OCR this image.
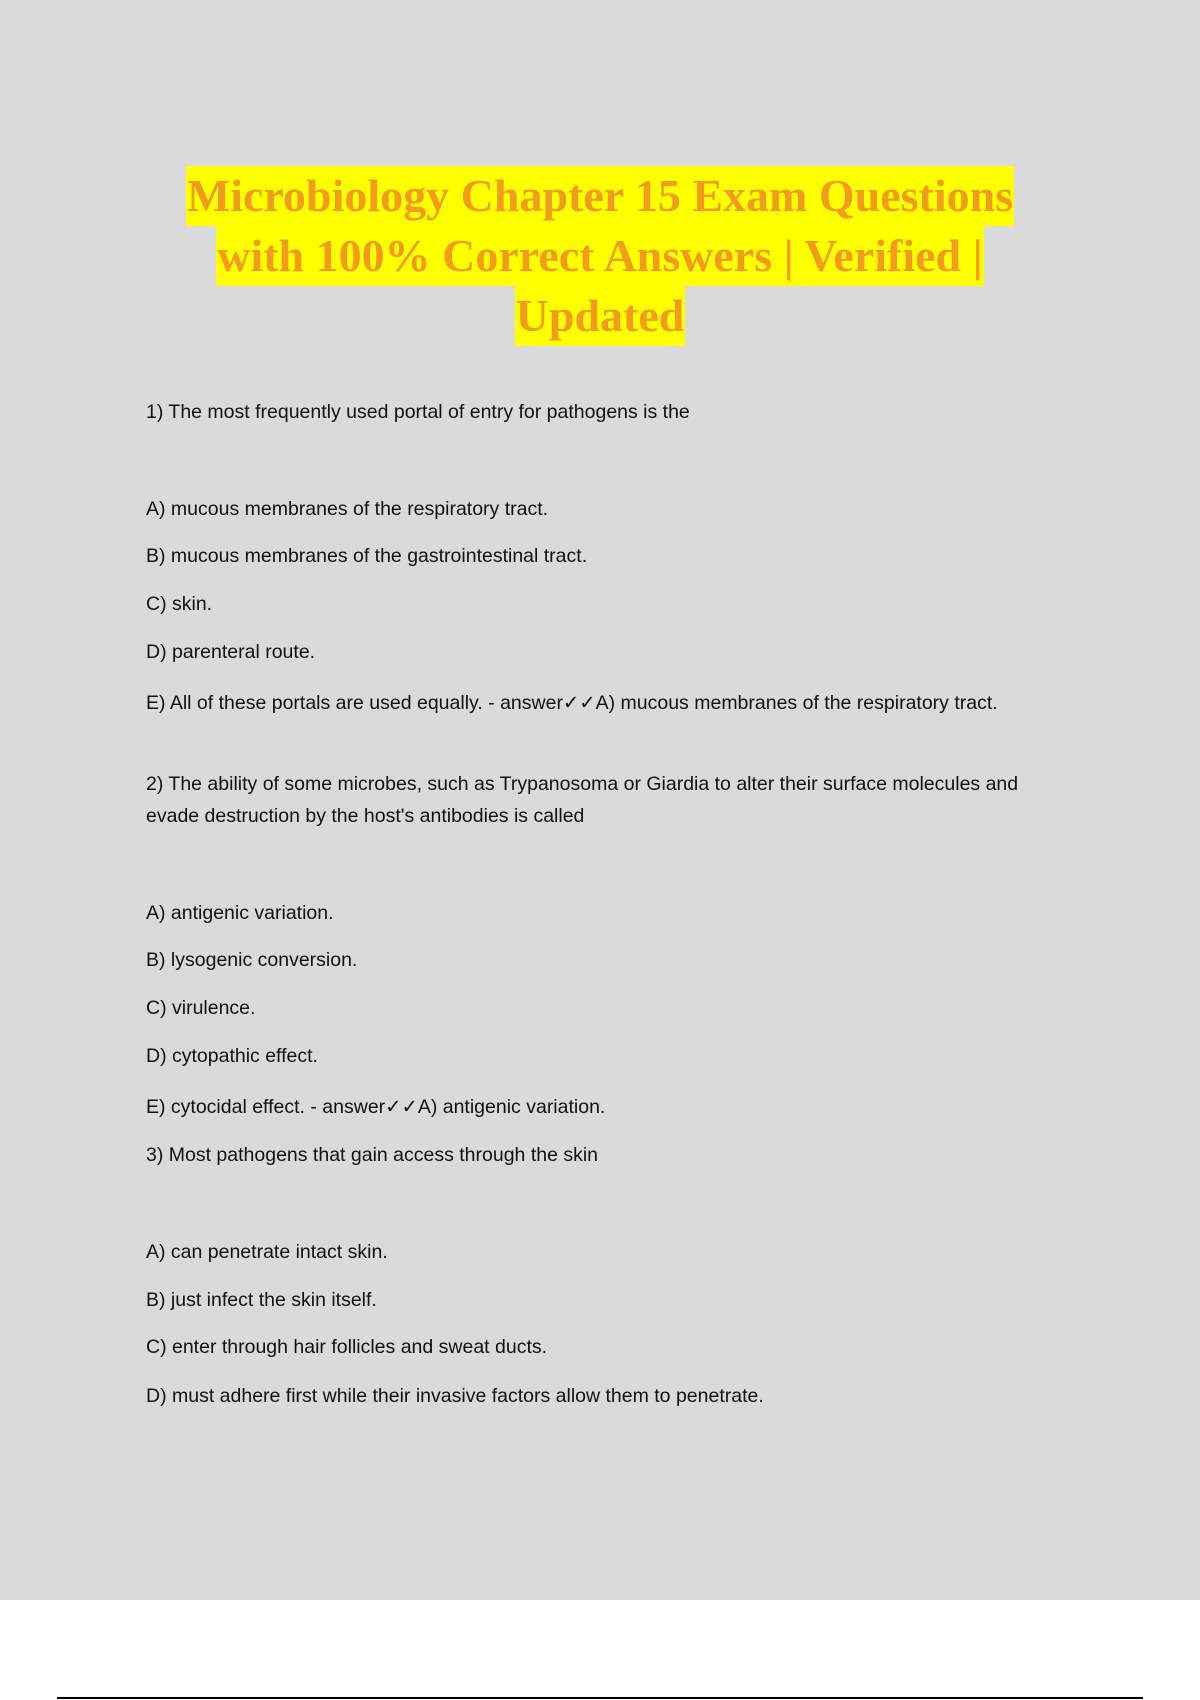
Microbiology Chapter 15 Exam Questions
with 100% Correct Answers | Verified |
Updated

1) The most frequently used portal of entry for pathogens is the

A) mucous membranes of the respiratory tract.

B) mucous membranes of the gastrointestinal tract.

C) skin.

D) parenteral route.

E) All of these portals are used equally. - answer✓✓A) mucous membranes of the respiratory tract.

2) The ability of some microbes, such as Trypanosoma or Giardia to alter their surface molecules and evade destruction by the host's antibodies is called

A) antigenic variation.

B) lysogenic conversion.

C) virulence.

D) cytopathic effect.

E) cytocidal effect. - answer✓✓A) antigenic variation.

3) Most pathogens that gain access through the skin

A) can penetrate intact skin.

B) just infect the skin itself.

C) enter through hair follicles and sweat ducts.

D) must adhere first while their invasive factors allow them to penetrate.
